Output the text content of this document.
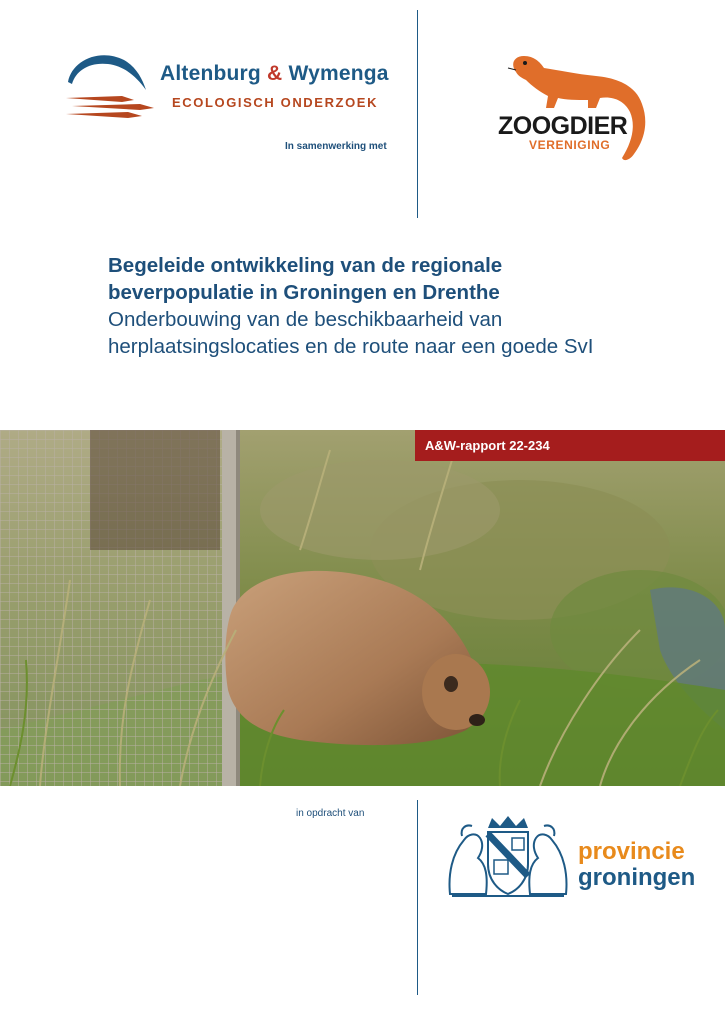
Altenburg & Wymenga
ECOLOGISCH ONDERZOEK
In samenwerking met
ZOOGDIER
VERENIGING
Begeleide ontwikkeling van de regionale beverpopulatie in Groningen en Drenthe
Onderbouwing van de beschikbaarheid van herplaatsingslocaties en de route naar een goede SvI
A&W-rapport 22-234
in opdracht van
provincie
groningen
